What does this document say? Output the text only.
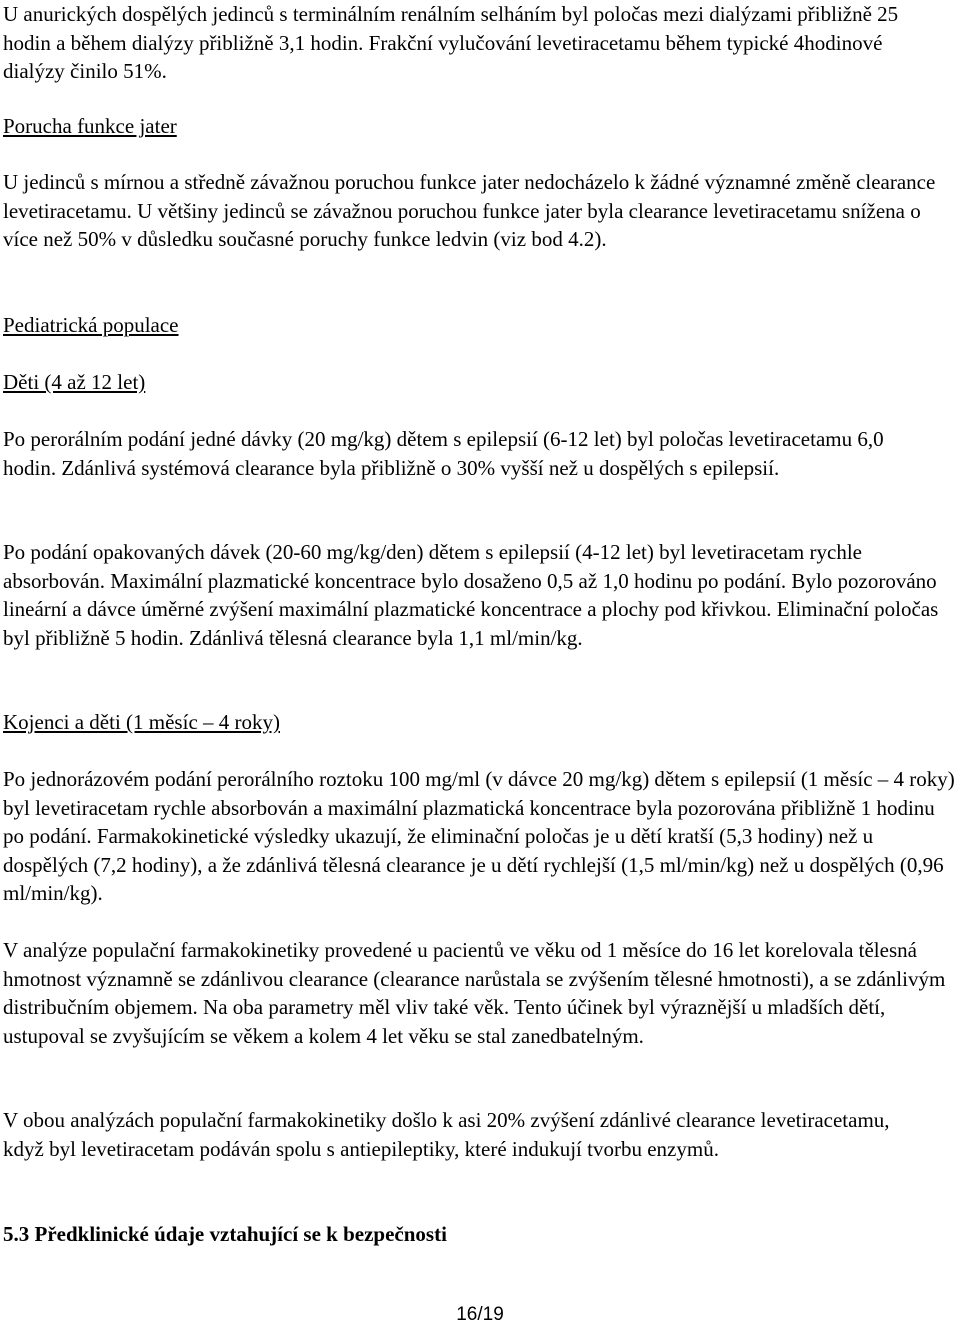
U anurických dospělých jedinců s terminálním renálním selháním byl poločas mezi dialýzami přibližně 25 hodin a během dialýzy přibližně 3,1 hodin. Frakční vylučování levetiracetamu během typické 4hodinové dialýzy činilo 51%.

Porucha funkce jater

U jedinců s mírnou a středně závažnou poruchou funkce jater nedocházelo k žádné významné změně clearance levetiracetamu. U většiny jedinců se závažnou poruchou funkce jater byla clearance levetiracetamu snížena o více než 50% v důsledku současné poruchy funkce ledvin (viz bod 4.2).

Pediatrická populace
Děti (4 až 12 let)

Po perorálním podání jedné dávky (20 mg/kg) dětem s epilepsií (6-12 let) byl poločas levetiracetamu 6,0 hodin. Zdánlivá systémová clearance byla přibližně o 30% vyšší než u dospělých s epilepsií.

Po podání opakovaných dávek (20-60 mg/kg/den) dětem s epilepsií (4-12 let) byl levetiracetam rychle absorbován. Maximální plazmatické koncentrace bylo dosaženo 0,5 až 1,0 hodinu po podání. Bylo pozorováno lineární a dávce úměrné zvýšení maximální plazmatické koncentrace a plochy pod křivkou. Eliminační poločas byl přibližně 5 hodin. Zdánlivá tělesná clearance byla 1,1 ml/min/kg.

Kojenci a děti (1 měsíc – 4 roky)

Po jednorázovém podání perorálního roztoku 100 mg/ml (v dávce 20 mg/kg) dětem s epilepsií (1 měsíc – 4 roky) byl levetiracetam rychle absorbován a maximální plazmatická koncentrace byla pozorována přibližně 1 hodinu po podání. Farmakokinetické výsledky ukazují, že eliminační poločas je u dětí kratší (5,3 hodiny) než u dospělých (7,2 hodiny), a že zdánlivá tělesná clearance je u dětí rychlejší (1,5 ml/min/kg) než u dospělých (0,96 ml/min/kg).

V analýze populační farmakokinetiky provedené u pacientů ve věku od 1 měsíce do 16 let korelovala tělesná hmotnost významně se zdánlivou clearance (clearance narůstala se zvýšením tělesné hmotnosti), a se zdánlivým distribučním objemem. Na oba parametry měl vliv také věk. Tento účinek byl výraznější u mladších dětí, ustupoval se zvyšujícím se věkem a kolem 4 let věku se stal zanedbatelným.

V obou analýzách populační farmakokinetiky došlo k asi 20% zvýšení zdánlivé clearance levetiracetamu, když byl levetiracetam podáván spolu s antiepileptiky, které indukují tvorbu enzymů.

5.3 Předklinické údaje vztahující se k bezpečnosti
16/19
